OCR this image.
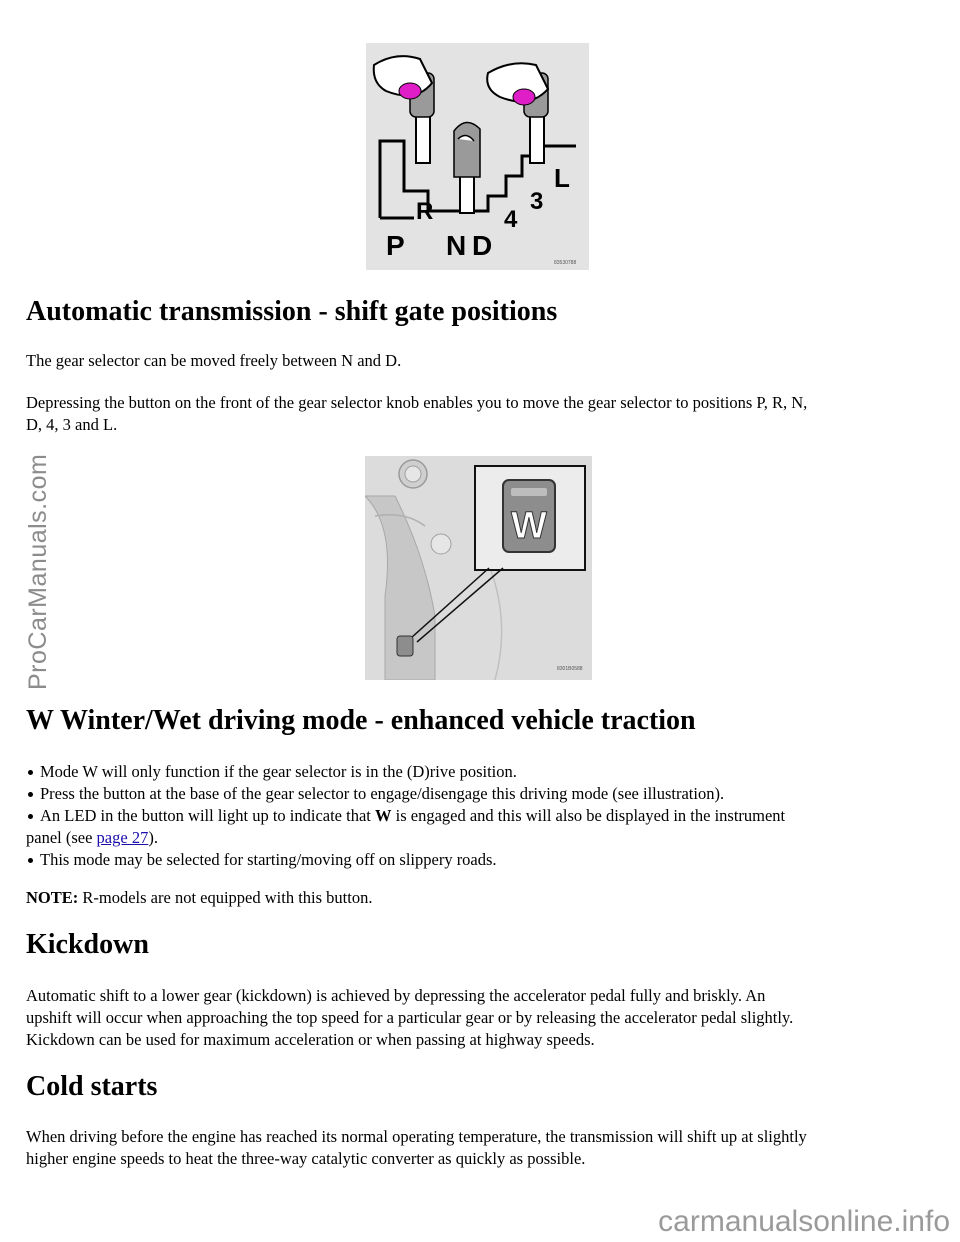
P
R
N D
4
3
L
83530788
Automatic transmission - shift gate positions

The gear selector can be moved freely between N and D.

Depressing the button on the front of the gear selector knob enables you to move the gear selector to positions P, R, N,

D, 4, 3 and L.

W
8301B0588
W Winter/Wet driving mode - enhanced vehicle traction
Mode W will only function if the gear selector is in the (D)rive position.
Press the button at the base of the gear selector to engage/disengage this driving mode (see illustration).
An LED in the button will light up to indicate that W is engaged and this will also be displayed in the instrument
panel (see page 27).
This mode may be selected for starting/moving off on slippery roads.

NOTE: R-models are not equipped with this button.

Kickdown

Automatic shift to a lower gear (kickdown) is achieved by depressing the accelerator pedal fully and briskly. An

upshift will occur when approaching the top speed for a particular gear or by releasing the accelerator pedal slightly.

Kickdown can be used for maximum acceleration or when passing at highway speeds.

Cold starts

When driving before the engine has reached its normal operating temperature, the transmission will shift up at slightly

higher engine speeds to heat the three-way catalytic converter as quickly as possible.

ProCarManuals.com
carmanualsonline.info
